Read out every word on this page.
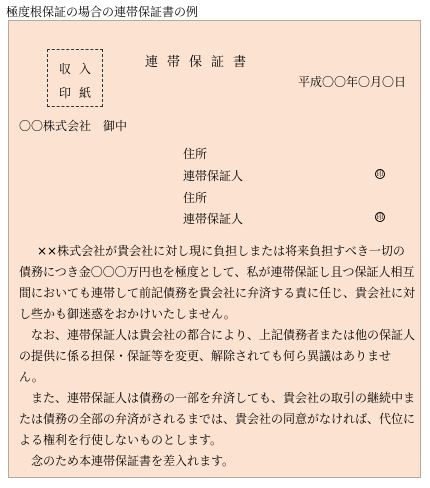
極度根保証の場合の連帯保証書の例
収入
印紙
連帯保証書
平成〇〇年〇月〇日
〇〇株式会社　御中
住所
連帯保証人	印
住所
連帯保証人	印

××株式会社が貴会社に対し現に負担しまたは将来負担すべき一切の債務につき金〇〇〇万円也を極度として、私が連帯保証し且つ保証人相互間においても連帯して前記債務を貴会社に弁済する責に任じ、貴会社に対し些かも御迷惑をおかけいたしません。

なお、連帯保証人は貴会社の都合により、上記債務者または他の保証人の提供に係る担保・保証等を変更、解除されても何ら異議はありません。

また、連帯保証人は債務の一部を弁済しても、貴会社の取引の継続中または債務の全部の弁済がされるまでは、貴会社の同意がなければ、代位による権利を行使しないものとします。

念のため本連帯保証書を差入れます。
